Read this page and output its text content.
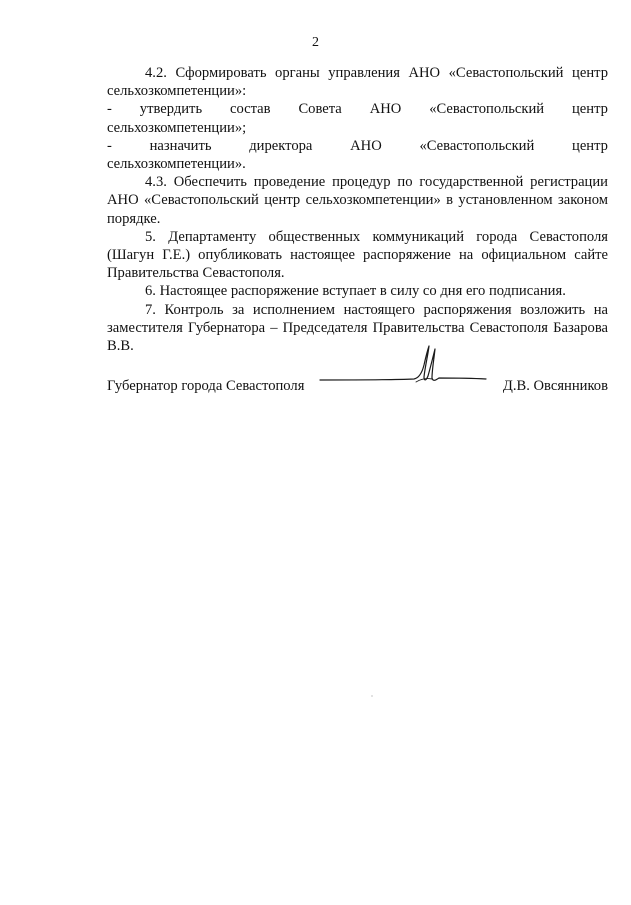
2

4.2. Сформировать органы управления АНО «Севастопольский центр сельхозкомпетенции»:

- утвердить состав Совета АНО «Севастопольский центр
сельхозкомпетенции»;
-	назначить	директора	АНО	«Севастопольский	центр
сельхозкомпетенции».

4.3. Обеспечить проведение процедур по государственной регистрации АНО «Севастопольский центр сельхозкомпетенции» в установленном законом порядке.

5. Департаменту общественных коммуникаций города Севастополя (Шагун Г.Е.) опубликовать настоящее распоряжение на официальном сайте Правительства Севастополя.

6. Настоящее распоряжение вступает в силу со дня его подписания.

7. Контроль за исполнением настоящего распоряжения возложить на заместителя Губернатора – Председателя Правительства Севастополя Базарова В.В.

Губернатор города Севастополя	Д.В. Овсянников
